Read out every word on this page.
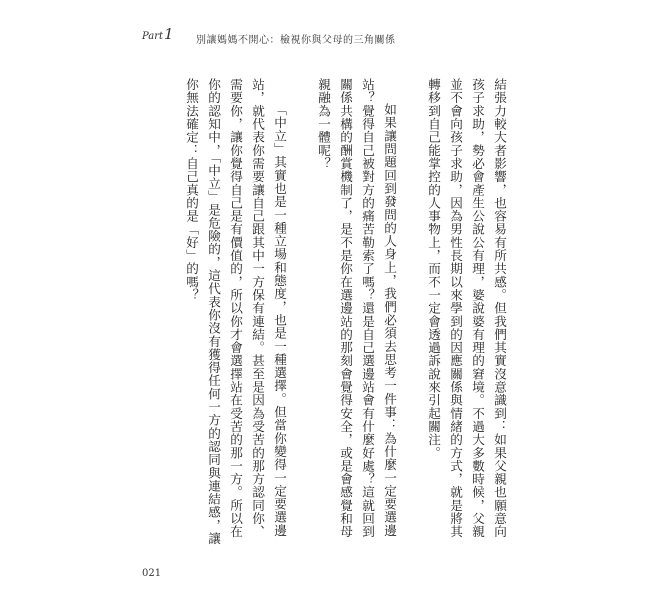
Part 1 別讓媽媽不開心：檢視你與父母的三角關係

結張力較大者影響，也容易有所共感。但我們其實沒意識到：如果父親也願意向孩子求助，勢必會產生公說公有理，婆說婆有理的窘境。不過大多數時候，父親並不會向孩子求助，因為男性長期以來學到的因應關係與情緒的方式，就是將其轉移到自己能掌控的人事物上，而不一定會透過訴說來引起關注。

如果讓問題回到發問的人身上，我們必須去思考一件事：為什麼一定要選邊站？覺得自己被對方的痛苦勒索了嗎？還是自己選邊站會有什麼好處？這就回到關係共構的酬賞機制了，是不是你在選邊站的那刻會覺得安全，或是會感覺和母親融為一體呢？

「中立」其實也是一種立場和態度，也是一種選擇。但當你變得一定要選邊站，就代表你需要讓自己跟其中一方保有連結。甚至是因為受苦的那方認同你、需要你，讓你覺得自己是有價值的，所以你才會選擇站在受苦的那一方。所以在你的認知中，「中立」是危險的，這代表你沒有獲得任何一方的認同與連結感，讓你無法確定：自己真的是「好」的嗎？

021
